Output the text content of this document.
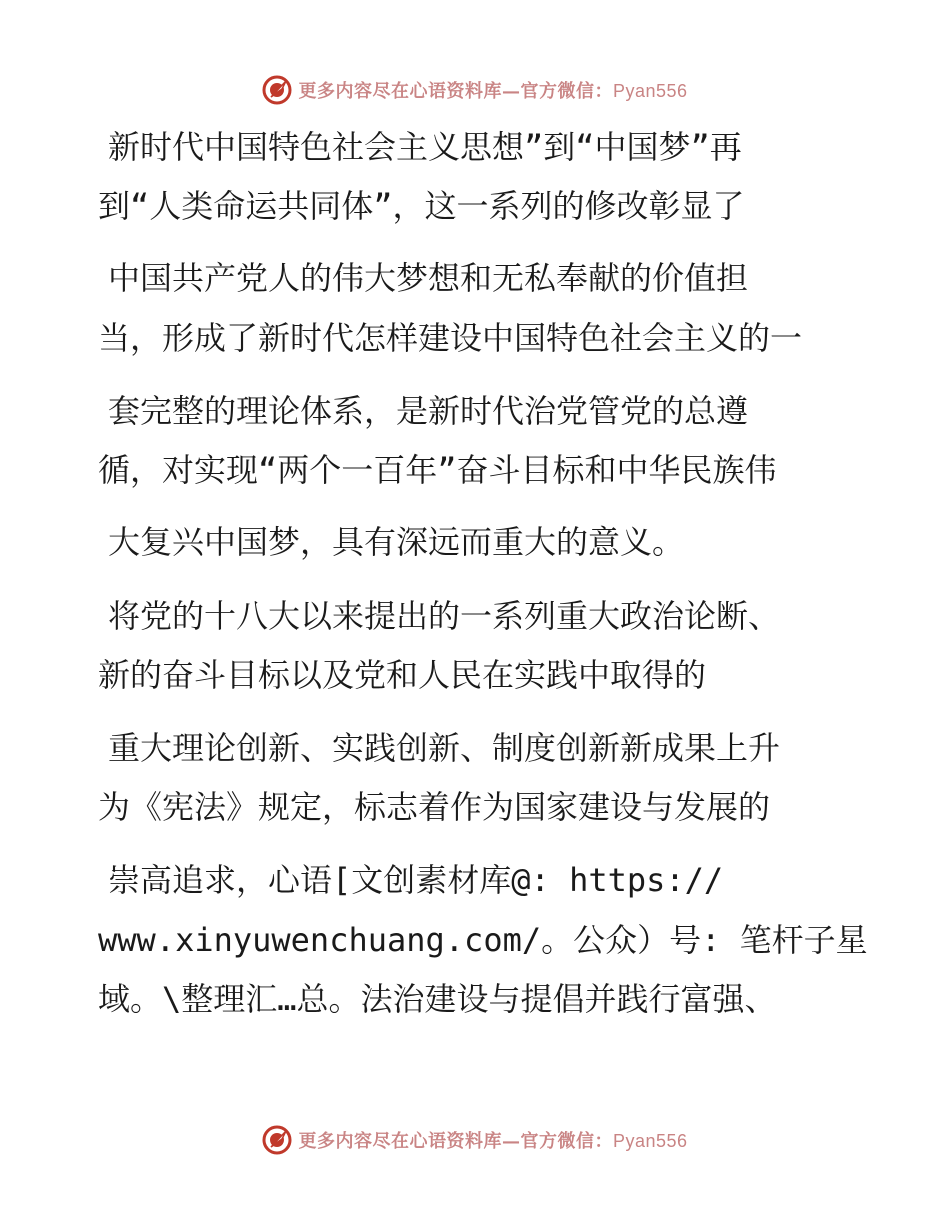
更多内容尽在心语资料库—官方微信：Pyan556
新时代中国特色社会主义思想”到“中国梦”再
到“人类命运共同体”，这一系列的修改彰显了
中国共产党人的伟大梦想和无私奉献的价值担
当，形成了新时代怎样建设中国特色社会主义的一
套完整的理论体系，是新时代治党管党的总遵
循，对实现“两个一百年”奋斗目标和中华民族伟
大复兴中国梦，具有深远而重大的意义。
将党的十八大以来提出的一系列重大政治论断、
新的奋斗目标以及党和人民在实践中取得的
重大理论创新、实践创新、制度创新新成果上升
为《宪法》规定，标志着作为国家建设与发展的
崇高追求，心语[文创素材库@: https://
www.xinyuwenchuang.com/。公众）号: 笔杆子星
域。\整理汇…总。法治建设与提倡并践行富强、
更多内容尽在心语资料库—官方微信：Pyan556
